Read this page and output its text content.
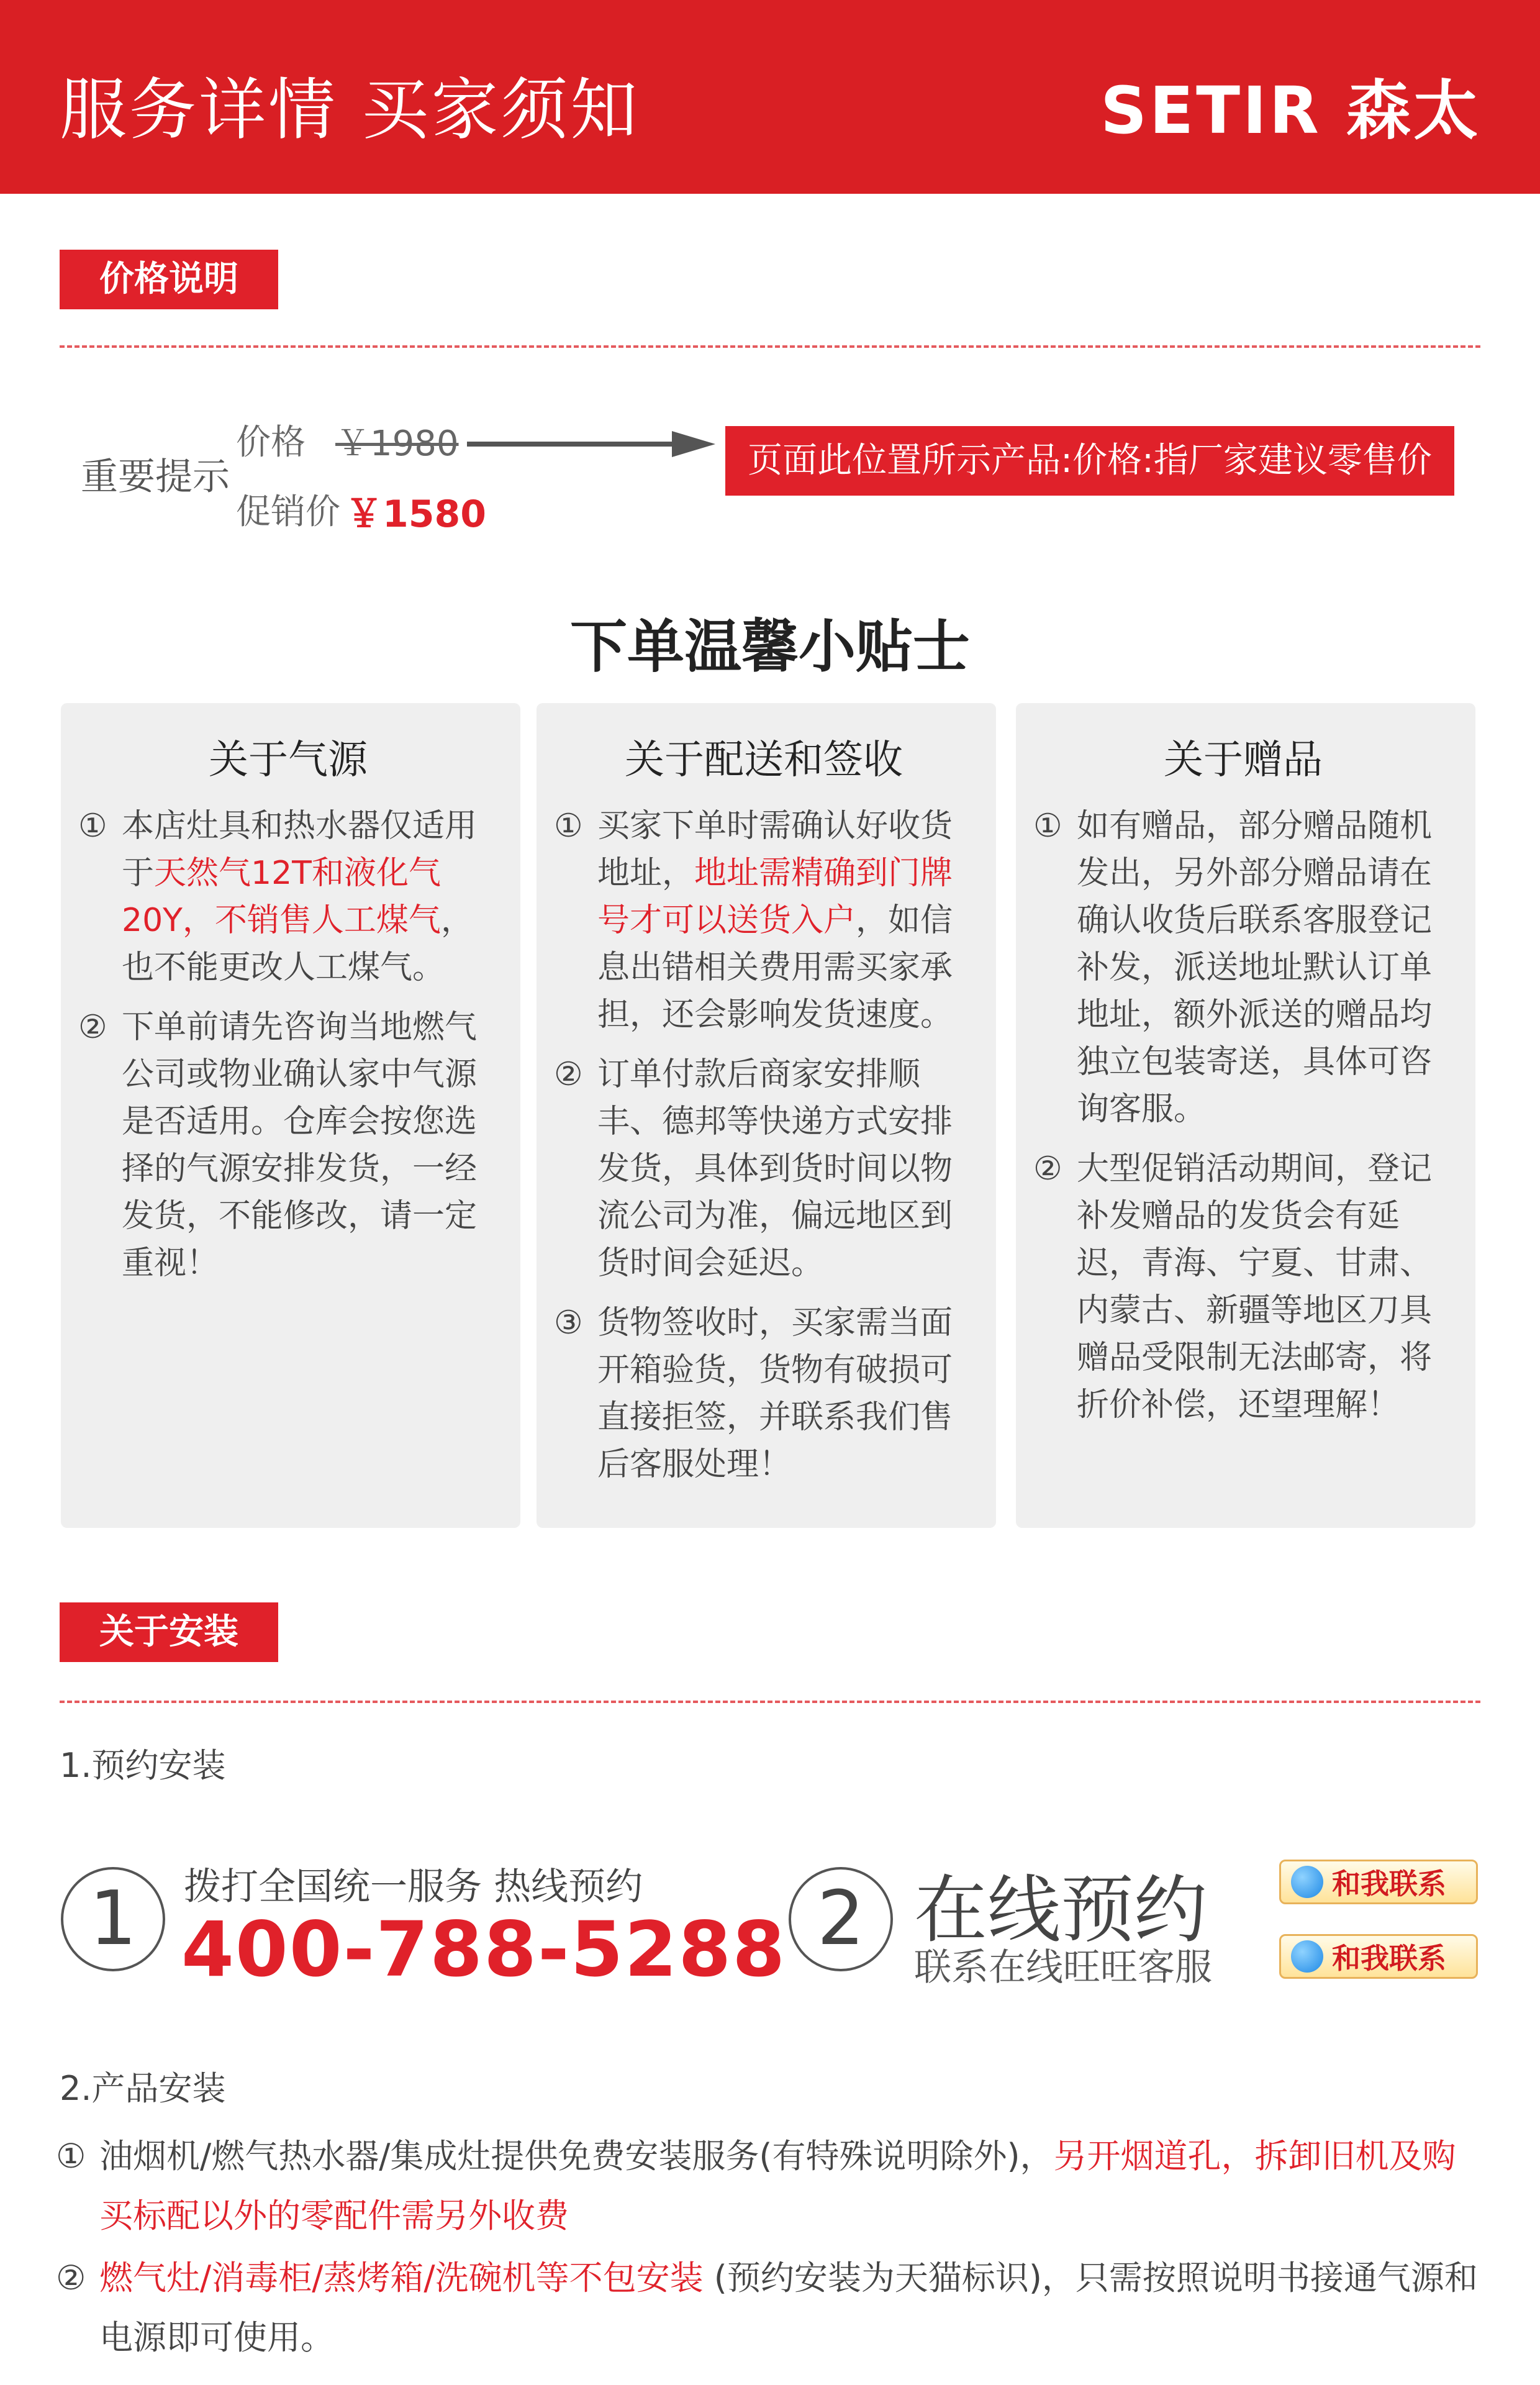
服务详情 买家须知	SETIR 森太
价格说明
重要提示
价格 ￥1980
促销价 ￥1580
页面此位置所示产品:价格:指厂家建议零售价
下单温馨小贴士
关于气源
① 本店灶具和热水器仅适用于天然气12T和液化气20Y，不销售人工煤气，也不能更改人工煤气。
② 下单前请先咨询当地燃气公司或物业确认家中气源是否适用。仓库会按您选择的气源安排发货，一经发货，不能修改，请一定重视！
关于配送和签收
① 买家下单时需确认好收货地址，地址需精确到门牌号才可以送货入户，如信息出错相关费用需买家承担，还会影响发货速度。
② 订单付款后商家安排顺丰、德邦等快递方式安排发货，具体到货时间以物流公司为准，偏远地区到货时间会延迟。
③ 货物签收时，买家需当面开箱验货，货物有破损可直接拒签，并联系我们售后客服处理！
关于赠品
① 如有赠品，部分赠品随机发出，另外部分赠品请在确认收货后联系客服登记补发，派送地址默认订单地址，额外派送的赠品均独立包装寄送，具体可咨询客服。
② 大型促销活动期间，登记补发赠品的发货会有延迟，青海、宁夏、甘肃、内蒙古、新疆等地区刀具赠品受限制无法邮寄，将折价补偿，还望理解！
关于安装
1.预约安装
1	拨打全国统一服务 热线预约
400-788-5288 2 在线预约
联系在线旺旺客服
和我联系
和我联系
2.产品安装
① 油烟机/燃气热水器/集成灶提供免费安装服务(有特殊说明除外)，另开烟道孔，拆卸旧机及购买标配以外的零配件需另外收费
② 燃气灶/消毒柜/蒸烤箱/洗碗机等不包安装 (预约安装为天猫标识)，只需按照说明书接通气源和电源即可使用。
